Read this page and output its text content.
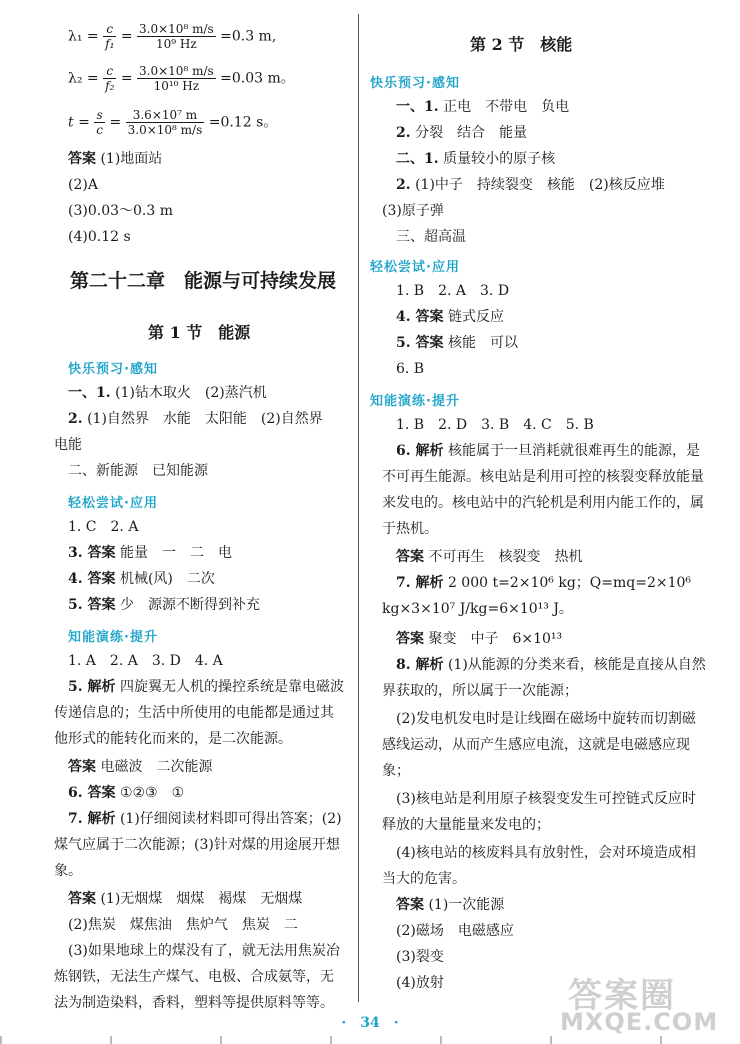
$\lambda_1 = \frac{c}{\text{f₁}} = \frac{\text{3.0×10⁸ m/s}}{\text{10⁹ Hz}} =0.3$ m,
$\lambda_2 = \frac{c}{\text{f₂}} = \frac{\text{3.0×10⁸ m/s}}{\text{10¹⁰ Hz}} =0.03$ m。
$t = \frac{s}{c} = \frac{\text{3.6×10⁷ m}}{\text{3.0×10⁸ m/s}} =0.12$ s。
答案 (1)地面站
(2)A
(3)0.03～0.3 m
(4)0.12 s
第二十二章　能源与可持续发展
第 1 节　能源
快乐预习·感知
一、1. (1)钻木取火　(2)蒸汽机
2. (1)自然界　水能　太阳能　(2)自然界
电能
二、新能源　已知能源
轻松尝试·应用
1. C　2. A
3. 答案 能量　一　二　电
4. 答案 机械(风)　二次
5. 答案 少　源源不断得到补充
知能演练·提升
1. A　2. A　3. D　4. A
5. 解析 四旋翼无人机的操控系统是靠电磁波传递信息的；生活中所使用的电能都是通过其他形式的能转化而来的，是二次能源。
答案 电磁波　二次能源
6. 答案 ①②③　①
7. 解析 (1)仔细阅读材料即可得出答案；(2)煤气应属于二次能源；(3)针对煤的用途展开想象。
答案 (1)无烟煤　烟煤　褐煤　无烟煤
(2)焦炭　煤焦油　焦炉气　焦炭　二
(3)如果地球上的煤没有了，就无法用焦炭冶炼钢铁，无法生产煤气、电极、合成氨等，无法为制造染料，香料，塑料等提供原料等等。
第 2 节　核能
快乐预习·感知
一、1. 正电　不带电　负电
2. 分裂　结合　能量
二、1. 质量较小的原子核
2. (1)中子　持续裂变　核能　(2)核反应堆
(3)原子弹
三、超高温
轻松尝试·应用
1. B　2. A　3. D
4. 答案 链式反应
5. 答案 核能　可以
6. B
知能演练·提升
1. B　2. D　3. B　4. C　5. B
6. 解析 核能属于一旦消耗就很难再生的能源，是不可再生能源。核电站是利用可控的核裂变释放能量来发电的。核电站中的汽轮机是利用内能工作的，属于热机。
答案 不可再生　核裂变　热机
7. 解析 2 000 t=2×10⁶ kg；Q=mq=2×10⁶ kg×3×10⁷ J/kg=6×10¹³ J。
答案 聚变　中子　6×10¹³
8. 解析 (1)从能源的分类来看，核能是直接从自然界获取的，所以属于一次能源；
(2)发电机发电时是让线圈在磁场中旋转而切割磁感线运动，从而产生感应电流，这就是电磁感应现象；
(3)核电站是利用原子核裂变发生可控链式反应时释放的大量能量来发电的；
(4)核电站的核废料具有放射性，会对环境造成相当大的危害。
答案 (1)一次能源
(2)磁场　电磁感应
(3)裂变
(4)放射	答案圈
MXQE.COM
·　34　·
